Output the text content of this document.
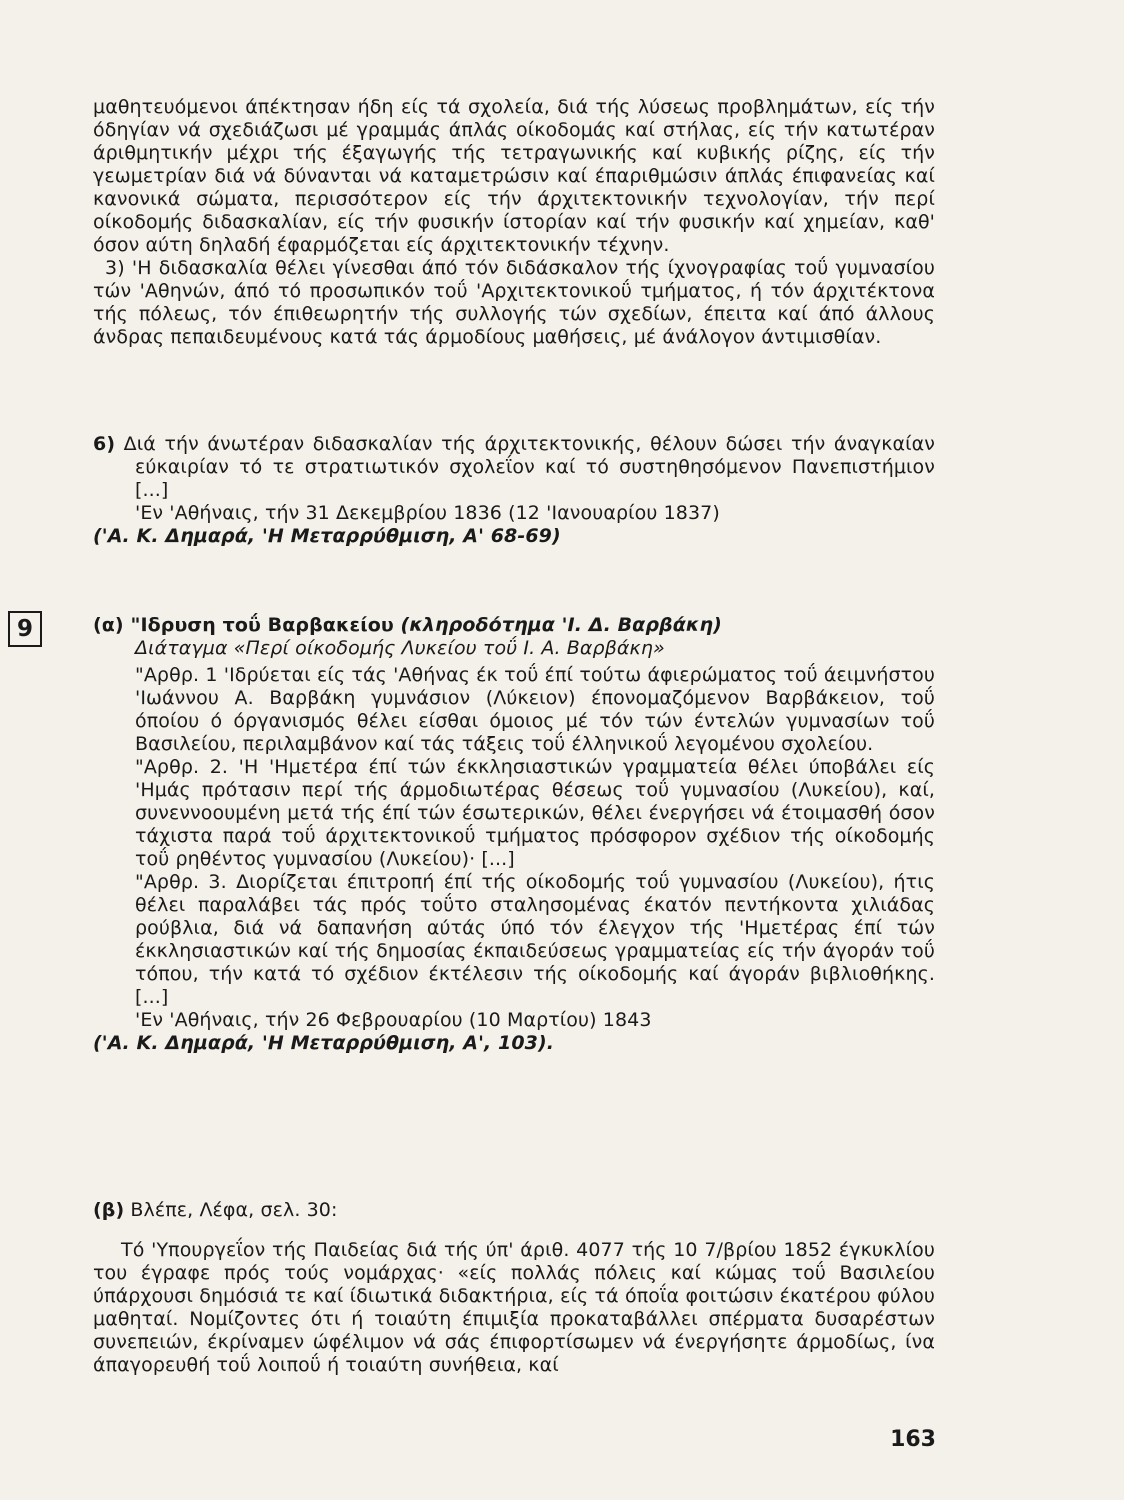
μαθητευόμενοι άπέκτησαν ήδη είς τά σχολεία, διά τής λύσεως προβλημάτων, είς τήν όδηγίαν νά σχεδιάζωσι μέ γραμμάς άπλάς οίκοδομάς καί στήλας, είς τήν κατωτέραν άριθμητικήν μέχρι τής έξαγωγής τής τετραγωνικής καί κυβικής ρίζης, είς τήν γεωμετρίαν διά νά δύνανται νά καταμετρώσιν καί έπαριθμώσιν άπλάς έπιφανείας καί κανονικά σώματα, περισσότερον είς τήν άρχιτεκτονικήν τεχνολογίαν, τήν περί οίκοδομής διδασκαλίαν, είς τήν φυσικήν ίστορίαν καί τήν φυσικήν καί χημείαν, καθ' όσον αύτη δηλαδή έφαρμόζεται είς άρχιτεκτονικήν τέχνην.

3) 'Η διδασκαλία θέλει γίνεσθαι άπό τόν διδάσκαλον τής ίχνογραφίας τοΰ γυμνασίου τών 'Αθηνών, άπό τό προσωπικόν τοΰ 'Αρχιτεκτονικοΰ τμήματος, ή τόν άρχιτέκτονα τής πόλεως, τόν έπιθεωρητήν τής συλλογής τών σχεδίων, έπειτα καί άπό άλλους άνδρας πεπαιδευμένους κατά τάς άρμοδίους μαθήσεις, μέ άνάλογον άντιμισθίαν.

6) Διά τήν άνωτέραν διδασκαλίαν τής άρχιτεκτονικής, θέλουν δώσει τήν άναγκαίαν εύκαιρίαν τό τε στρατιωτικόν σχολεΐον καί τό συστηθησόμενον Πανεπιστήμιον [...]

'Εν 'Αθήναις, τήν 31 Δεκεμβρίου 1836 (12 'Ιανουαρίου 1837)

('Α. Κ. Δημαρά, 'Η Μεταρρύθμιση, Α' 68-69)

9	(α) "Ιδρυση τοΰ Βαρβακείου (κληροδότημα 'Ι. Δ. Βαρβάκη)

Διάταγμα «Περί οίκοδομής Λυκείου τοΰ Ι. Α. Βαρβάκη»

"Αρθρ. 1 'Ιδρύεται είς τάς 'Αθήνας έκ τοΰ έπί τούτω άφιερώματος τοΰ άειμνήστου 'Ιωάννου Α. Βαρβάκη γυμνάσιον (Λύκειον) έπονομαζόμενον Βαρβάκειον, τοΰ όποίου ό όργανισμός θέλει είσθαι όμοιος μέ τόν τών έντελών γυμνασίων τοΰ Βασιλείου, περιλαμβάνον καί τάς τάξεις τοΰ έλληνικοΰ λεγομένου σχολείου.

"Αρθρ. 2. 'Η 'Ημετέρα έπί τών έκκλησιαστικών γραμματεία θέλει ύποβάλει είς 'Ημάς πρότασιν περί τής άρμοδιωτέρας θέσεως τοΰ γυμνασίου (Λυκείου), καί, συνεννοουμένη μετά τής έπί τών έσωτερικών, θέλει ένεργήσει νά έτοιμασθή όσον τάχιστα παρά τοΰ άρχιτεκτονικοΰ τμήματος πρόσφορον σχέδιον τής οίκοδομής τοΰ ρηθέντος γυμνασίου (Λυκείου)· [...]

"Αρθρ. 3. Διορίζεται έπιτροπή έπί τής οίκοδομής τοΰ γυμνασίου (Λυκείου), ήτις θέλει παραλάβει τάς πρός τοΰτο σταλησομένας έκατόν πεντήκοντα χιλιάδας ρούβλια, διά νά δαπανήση αύτάς ύπό τόν έλεγχον τής 'Ημετέρας έπί τών έκκλησιαστικών καί τής δημοσίας έκπαιδεύσεως γραμματείας είς τήν άγοράν τοΰ τόπου, τήν κατά τό σχέδιον έκτέλεσιν τής οίκοδομής καί άγοράν βιβλιοθήκης. [...]

'Εν 'Αθήναις, τήν 26 Φεβρουαρίου (10 Μαρτίου) 1843

('Α. Κ. Δημαρά, 'Η Μεταρρύθμιση, Α', 103).

(β) Βλέπε, Λέφα, σελ. 30:

Τό 'Υπουργεΐον τής Παιδείας διά τής ύπ' άριθ. 4077 τής 10 7/βρίου 1852 έγκυκλίου του έγραφε πρός τούς νομάρχας· «είς πολλάς πόλεις καί κώμας τοΰ Βασιλείου ύπάρχουσι δημόσιά τε καί ίδιωτικά διδακτήρια, είς τά όποΐα φοιτώσιν έκατέρου φύλου μαθηταί. Νομίζοντες ότι ή τοιαύτη έπιμιξία προκαταβάλλει σπέρματα δυσαρέστων συνεπειών, έκρίναμεν ώφέλιμον νά σάς έπιφορτίσωμεν νά ένεργήσητε άρμοδίως, ίνα άπαγορευθή τοΰ λοιποΰ ή τοιαύτη συνήθεια, καί

163
